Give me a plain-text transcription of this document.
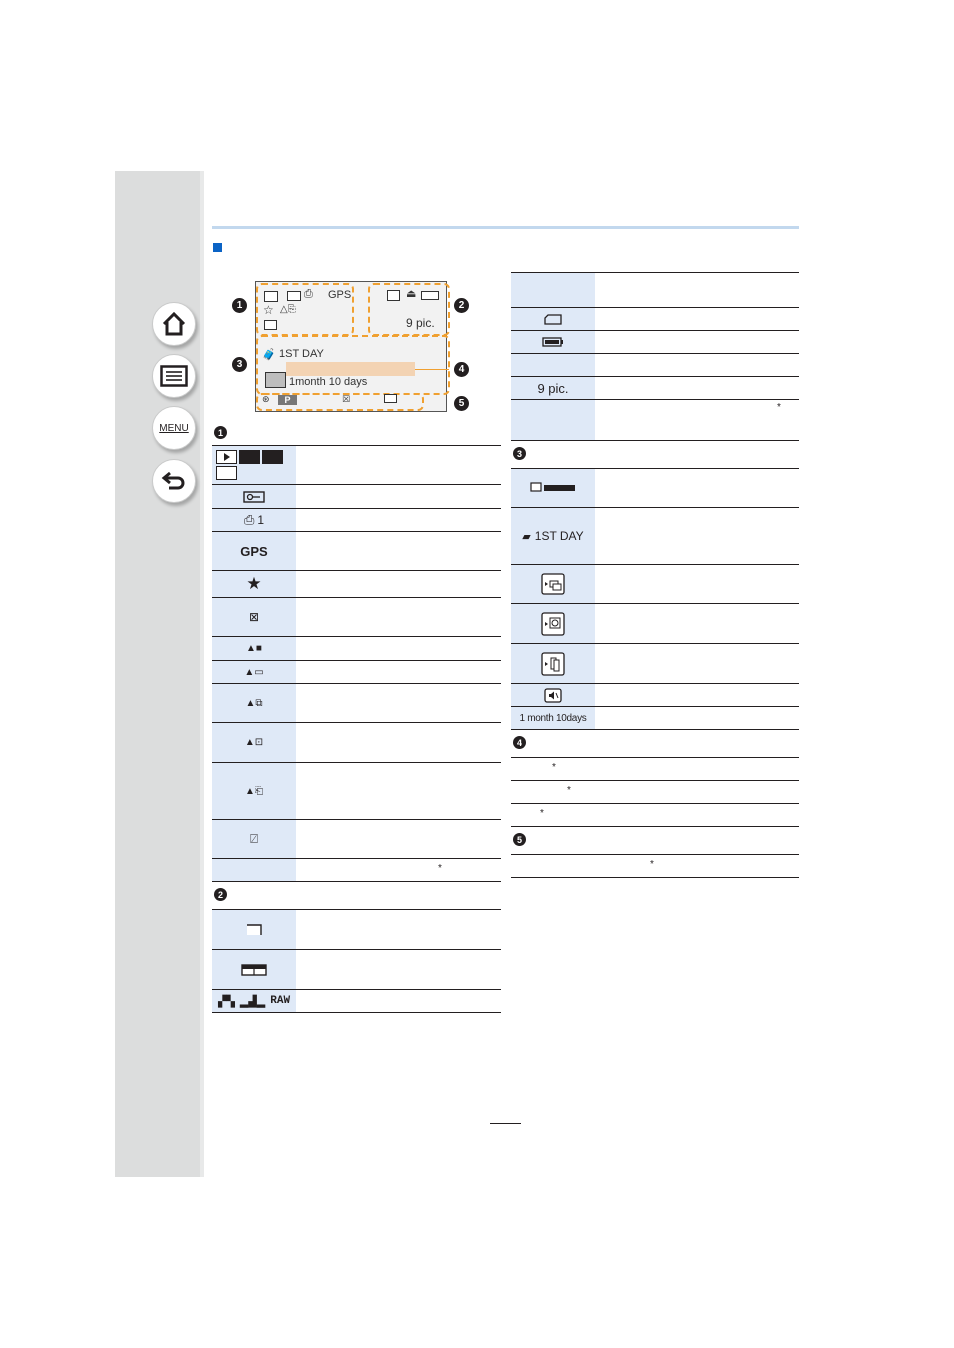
MENU
⎙ GPS
☆ △⎘
⏏
9 pic.
🧳 1ST DAY
1month 10 days
⊛	P	☒
1	2
3	4
5
1
⎙ 1
GPS
★
⊠
▲■
▲▭
▲⧉
▲⊡
▲⎗
⍁
*
2
▞▚ ▂▟▂ RAW
9 pic.
*
3
▰ 1ST DAY
1 month 10days
4
*
*
*
5
*
